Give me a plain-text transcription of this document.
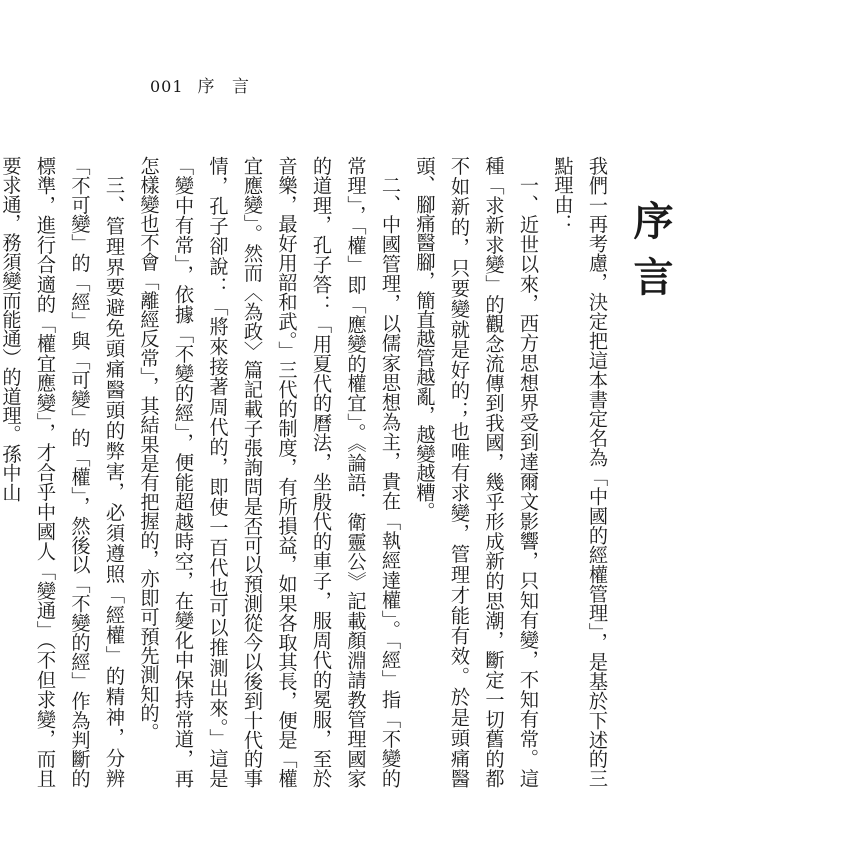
001 序 言
序言

我們一再考慮，決定把這本書定名為「中國的經權管理」，是基於下述的三點理由：

一、近世以來，西方思想界受到達爾文影響，只知有變，不知有常。這種「求新求變」的觀念流傳到我國，幾乎形成新的思潮，斷定一切舊的都不如新的，只要變就是好的；也唯有求變，管理才能有效。於是頭痛醫頭、腳痛醫腳，簡直越管越亂，越變越糟。

二、中國管理，以儒家思想為主，貴在「執經達權」。「經」指「不變的常理」，「權」即「應變的權宜」。《論語．衛靈公》記載顏淵請教管理國家的道理，孔子答：「用夏代的曆法，坐殷代的車子，服周代的冕服，至於音樂，最好用韶和武。」三代的制度，有所損益，如果各取其長，便是「權宜應變」。然而〈為政〉篇記載子張詢問是否可以預測從今以後到十代的事情，孔子卻說：「將來接著周代的，即使一百代也可以推測出來。」這是「變中有常」，依據「不變的經」，便能超越時空，在變化中保持常道，再怎樣變也不會「離經反常」，其結果是有把握的，亦即可預先測知的。

三、管理界要避免頭痛醫頭的弊害，必須遵照「經權」的精神，分辨「不可變」的「經」與「可變」的「權」，然後以「不變的經」作為判斷的標準，進行合適的「權宜應變」，才合乎中國人「變通」（不但求變，而且要求通，務須變而能通）的道理。孫中山
